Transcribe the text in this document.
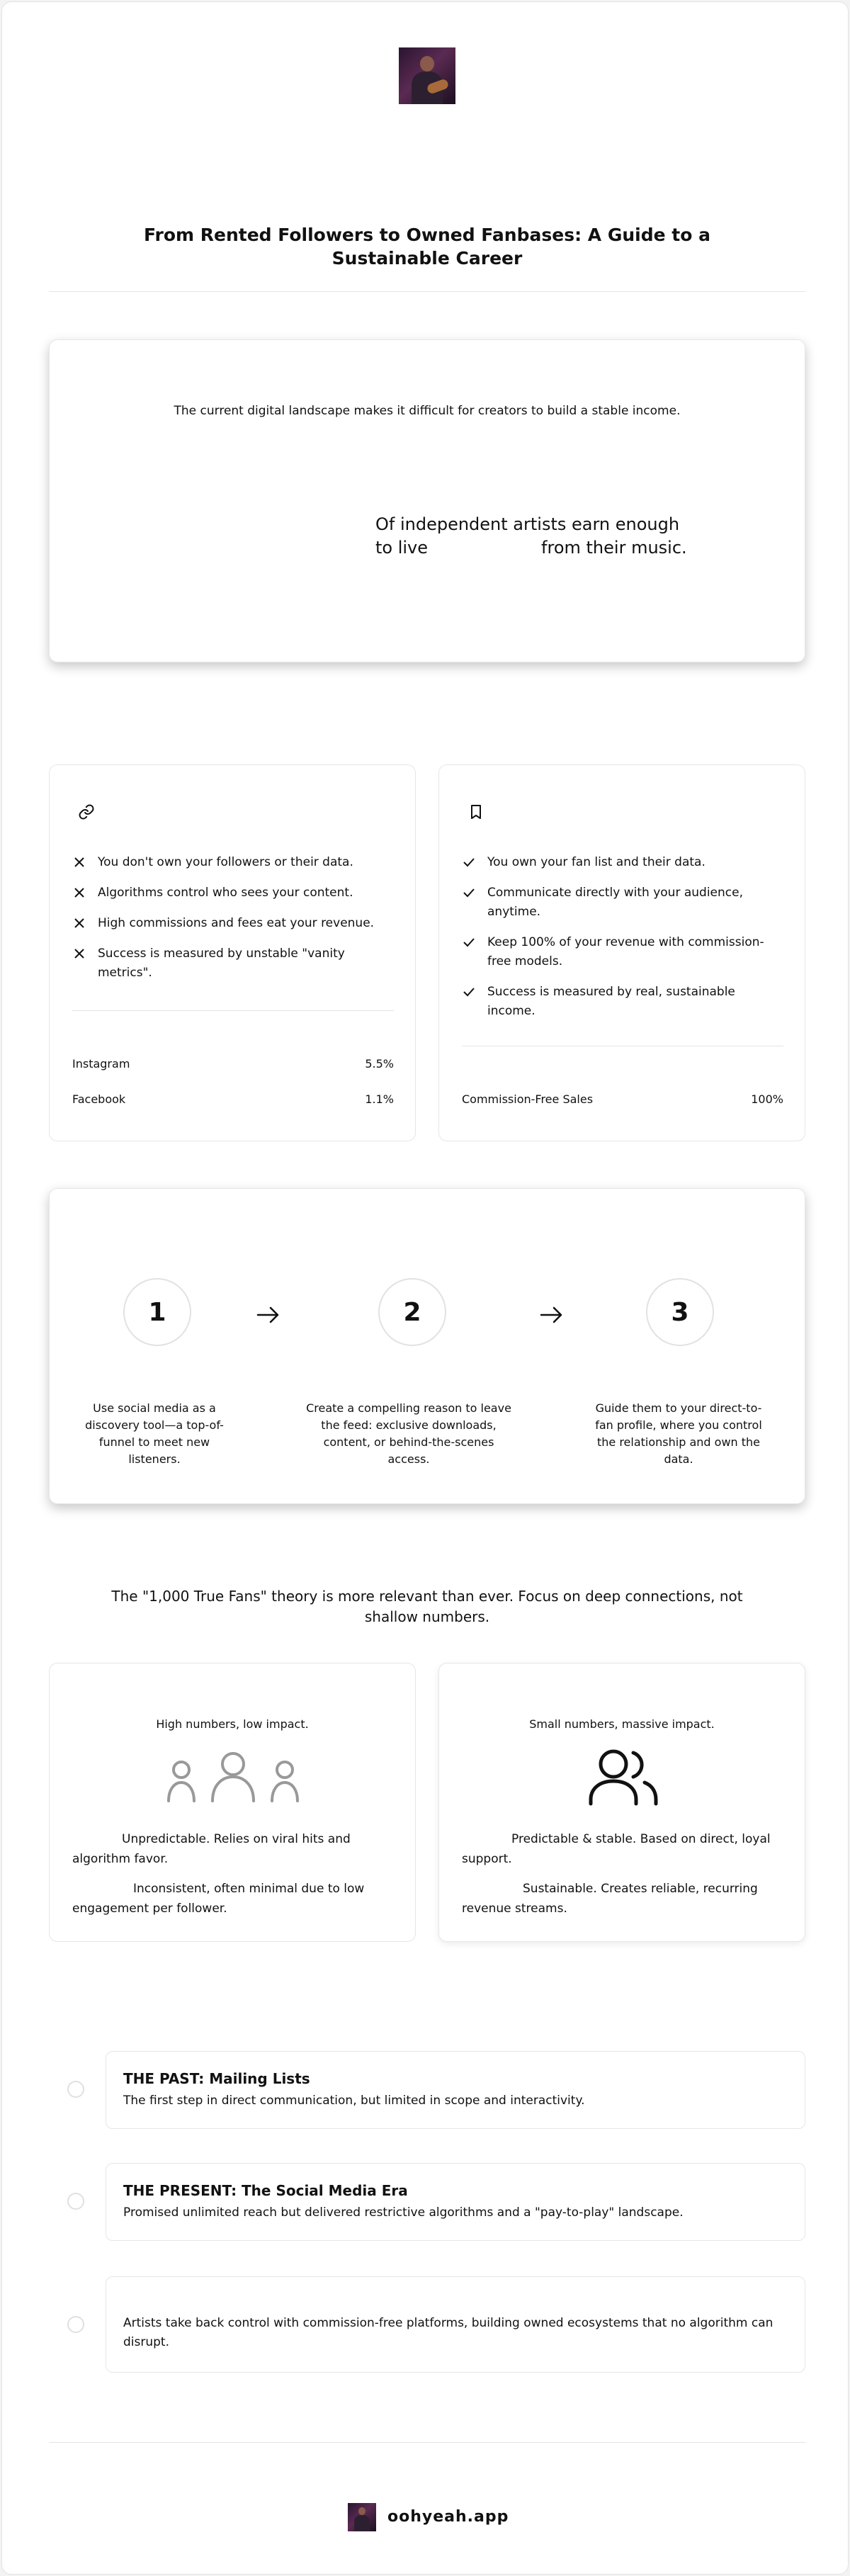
From Rented Followers to Owned Fanbases: A Guide to a Sustainable Career

The current digital landscape makes it difficult for creators to build a stable income.

Of independent artists earn enough
to live	from their music.
You don't own your followers or their data.
Algorithms control who sees your content.
High commissions and fees eat your revenue.
Success is measured by unstable "vanity metrics".
Instagram	5.5%
Facebook	1.1%
You own your fan list and their data.
Communicate directly with your audience, anytime.
Keep 100% of your revenue with commission-free models.
Success is measured by real, sustainable income.
Commission-Free Sales	100%
1	2	3

Use social media as a discovery tool—a top-of-funnel to meet new listeners.

Create a compelling reason to leave the feed: exclusive downloads, content, or behind-the-scenes access.

Guide them to your direct-to-fan profile, where you control the relationship and own the data.

The "1,000 True Fans" theory is more relevant than ever. Focus on deep connections, not shallow numbers.

High numbers, low impact.

Unpredictable. Relies on viral hits and algorithm favor.

Inconsistent, often minimal due to low engagement per follower.

Small numbers, massive impact.

Predictable & stable. Based on direct, loyal support.

Sustainable. Creates reliable, recurring revenue streams.

THE PAST: Mailing Lists

The first step in direct communication, but limited in scope and interactivity.

THE PRESENT: The Social Media Era

Promised unlimited reach but delivered restrictive algorithms and a "pay-to-play" landscape.

Artists take back control with commission-free platforms, building owned ecosystems that no algorithm can disrupt.

oohyeah.app
